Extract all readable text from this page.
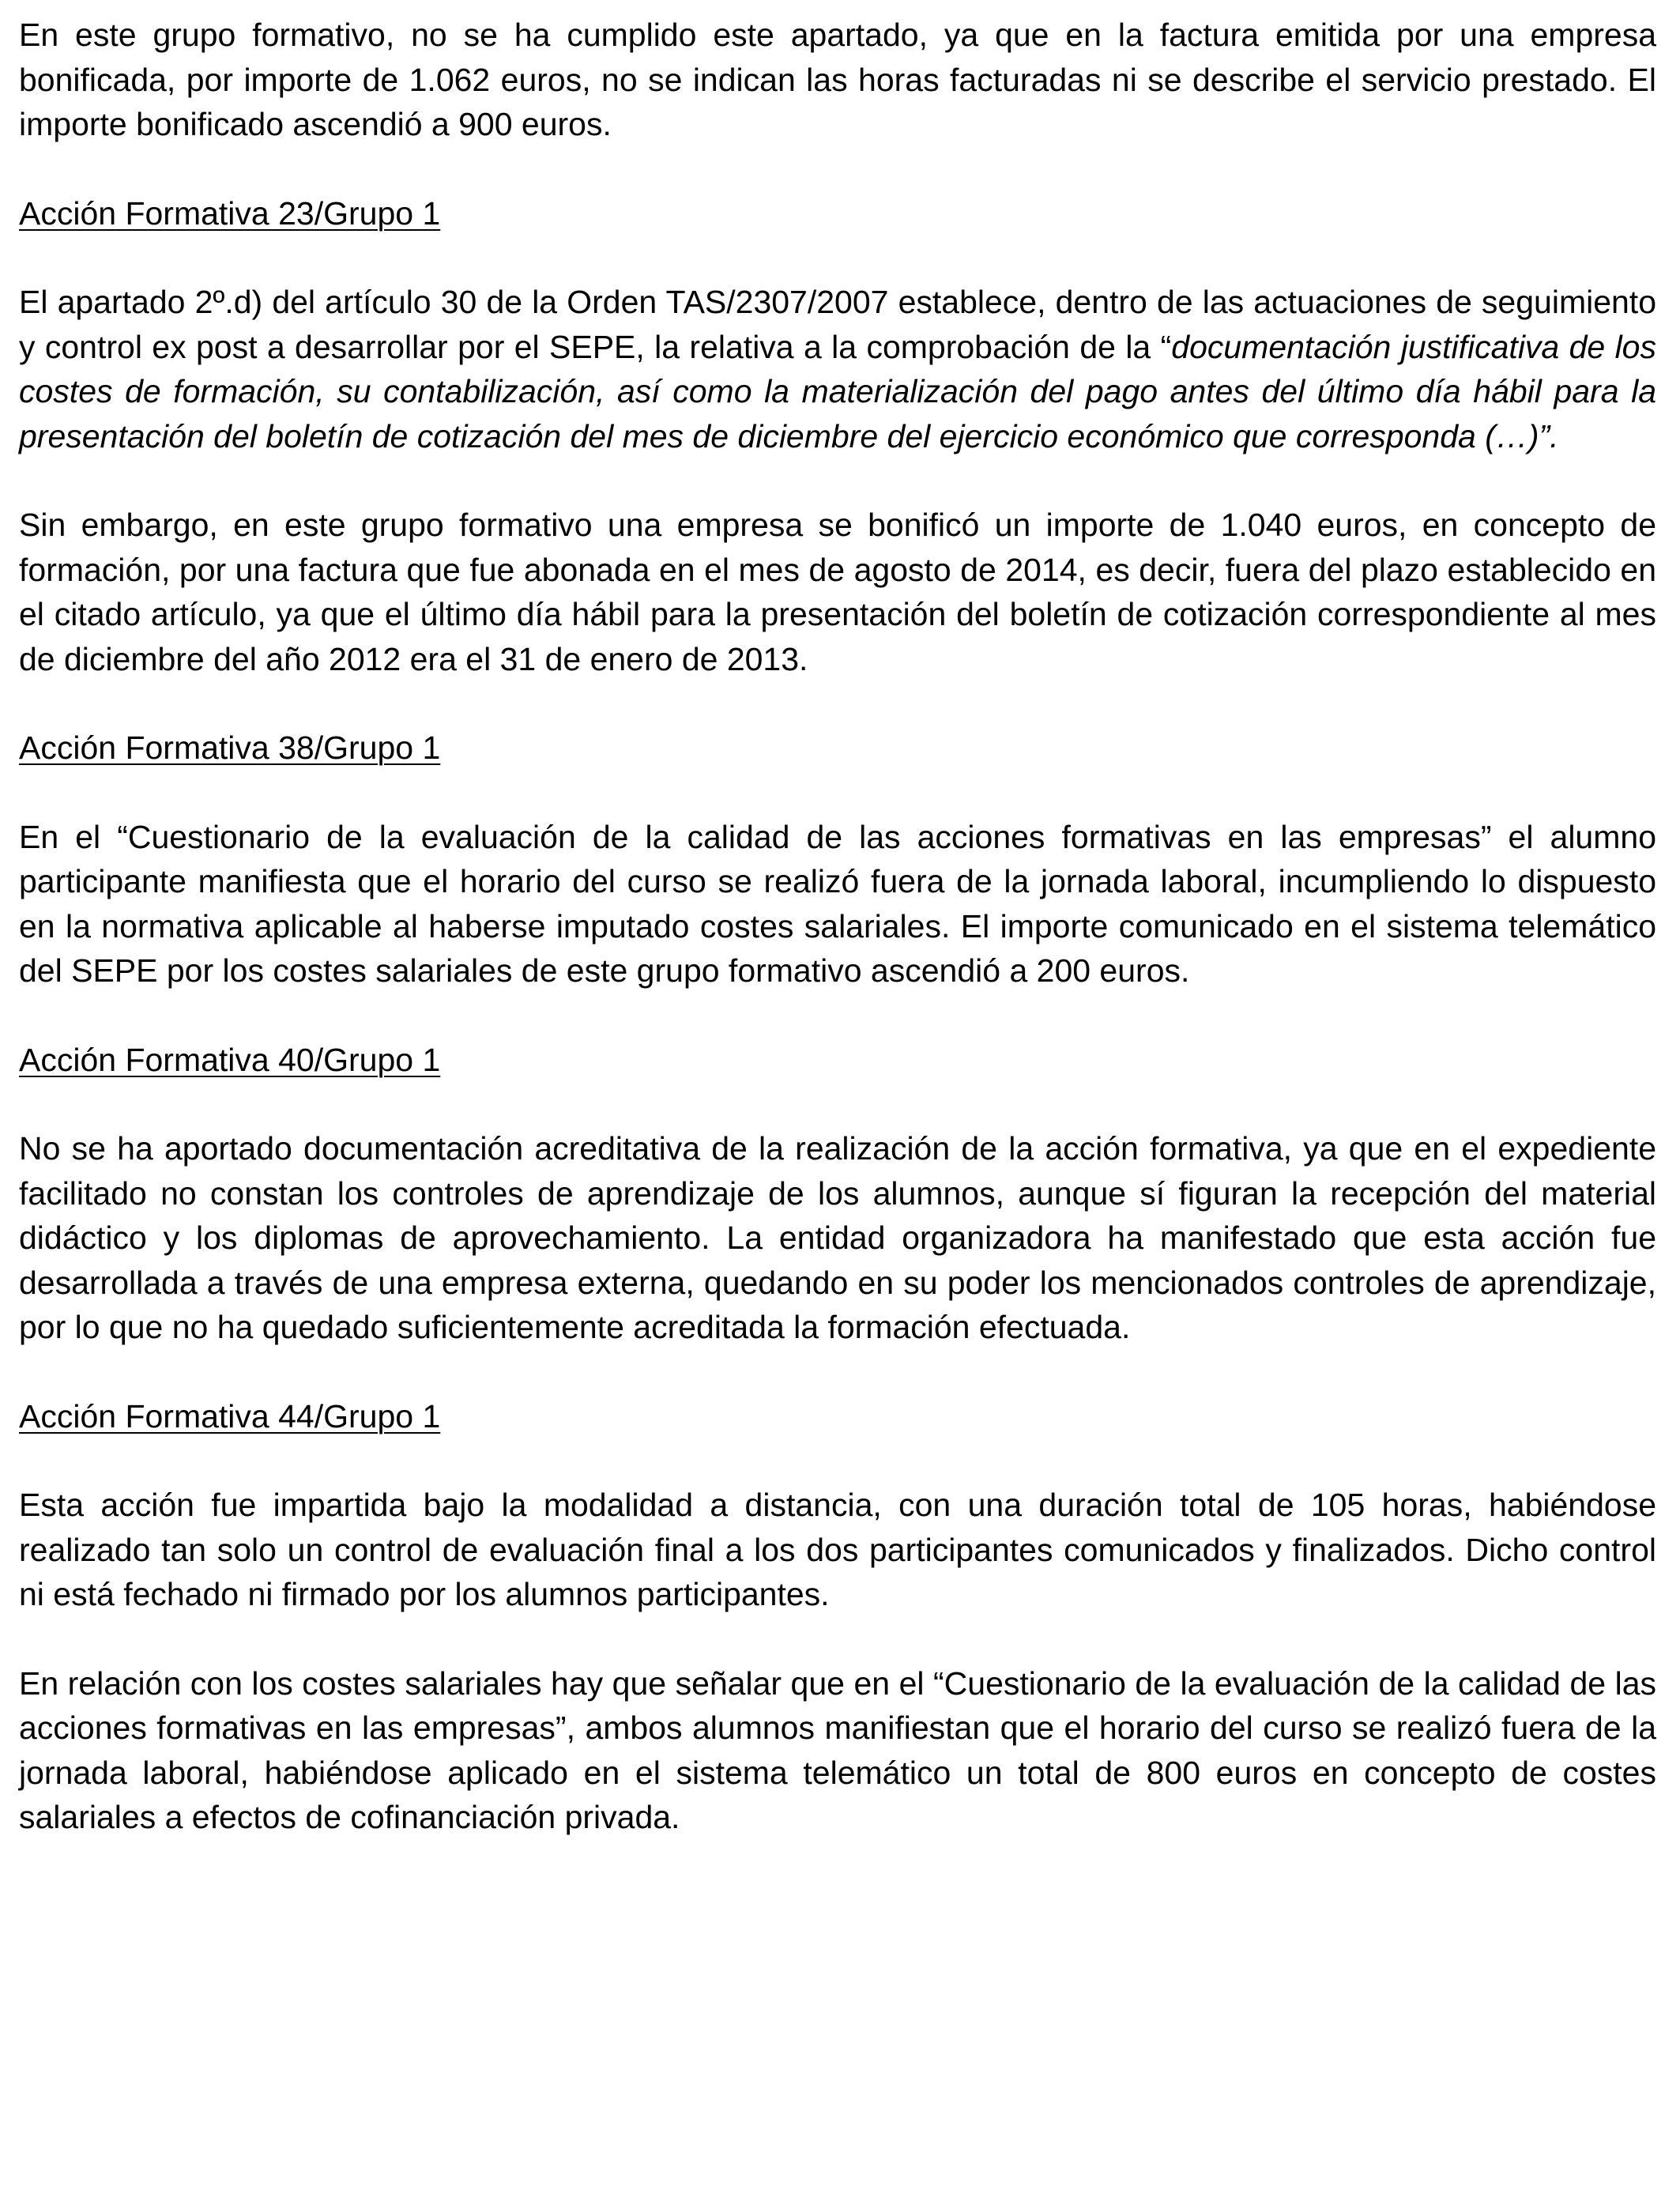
En este grupo formativo, no se ha cumplido este apartado, ya que en la factura emitida por una empresa bonificada, por importe de 1.062 euros, no se indican las horas facturadas ni se describe el servicio prestado. El importe bonificado ascendió a 900 euros.

Acción Formativa 23/Grupo 1

El apartado 2º.d) del artículo 30 de la Orden TAS/2307/2007 establece, dentro de las actuaciones de seguimiento y control ex post a desarrollar por el SEPE, la relativa a la comprobación de la “documentación justificativa de los costes de formación, su contabilización, así como la materialización del pago antes del último día hábil para la presentación del boletín de cotización del mes de diciembre del ejercicio económico que corresponda (…)”.

Sin embargo, en este grupo formativo una empresa se bonificó un importe de 1.040 euros, en concepto de formación, por una factura que fue abonada en el mes de agosto de 2014, es decir, fuera del plazo establecido en el citado artículo, ya que el último día hábil para la presentación del boletín de cotización correspondiente al mes de diciembre del año 2012 era el 31 de enero de 2013.

Acción Formativa 38/Grupo 1

En el “Cuestionario de la evaluación de la calidad de las acciones formativas en las empresas” el alumno participante manifiesta que el horario del curso se realizó fuera de la jornada laboral, incumpliendo lo dispuesto en la normativa aplicable al haberse imputado costes salariales. El importe comunicado en el sistema telemático del SEPE por los costes salariales de este grupo formativo ascendió a 200 euros.

Acción Formativa 40/Grupo 1

No se ha aportado documentación acreditativa de la realización de la acción formativa, ya que en el expediente facilitado no constan los controles de aprendizaje de los alumnos, aunque sí figuran la recepción del material didáctico y los diplomas de aprovechamiento. La entidad organizadora ha manifestado que esta acción fue desarrollada a través de una empresa externa, quedando en su poder los mencionados controles de aprendizaje, por lo que no ha quedado suficientemente acreditada la formación efectuada.

Acción Formativa 44/Grupo 1

Esta acción fue impartida bajo la modalidad a distancia, con una duración total de 105 horas, habiéndose realizado tan solo un control de evaluación final a los dos participantes comunicados y finalizados. Dicho control ni está fechado ni firmado por los alumnos participantes.

En relación con los costes salariales hay que señalar que en el “Cuestionario de la evaluación de la calidad de las acciones formativas en las empresas”, ambos alumnos manifiestan que el horario del curso se realizó fuera de la jornada laboral, habiéndose aplicado en el sistema telemático un total de 800 euros en concepto de costes salariales a efectos de cofinanciación privada.
